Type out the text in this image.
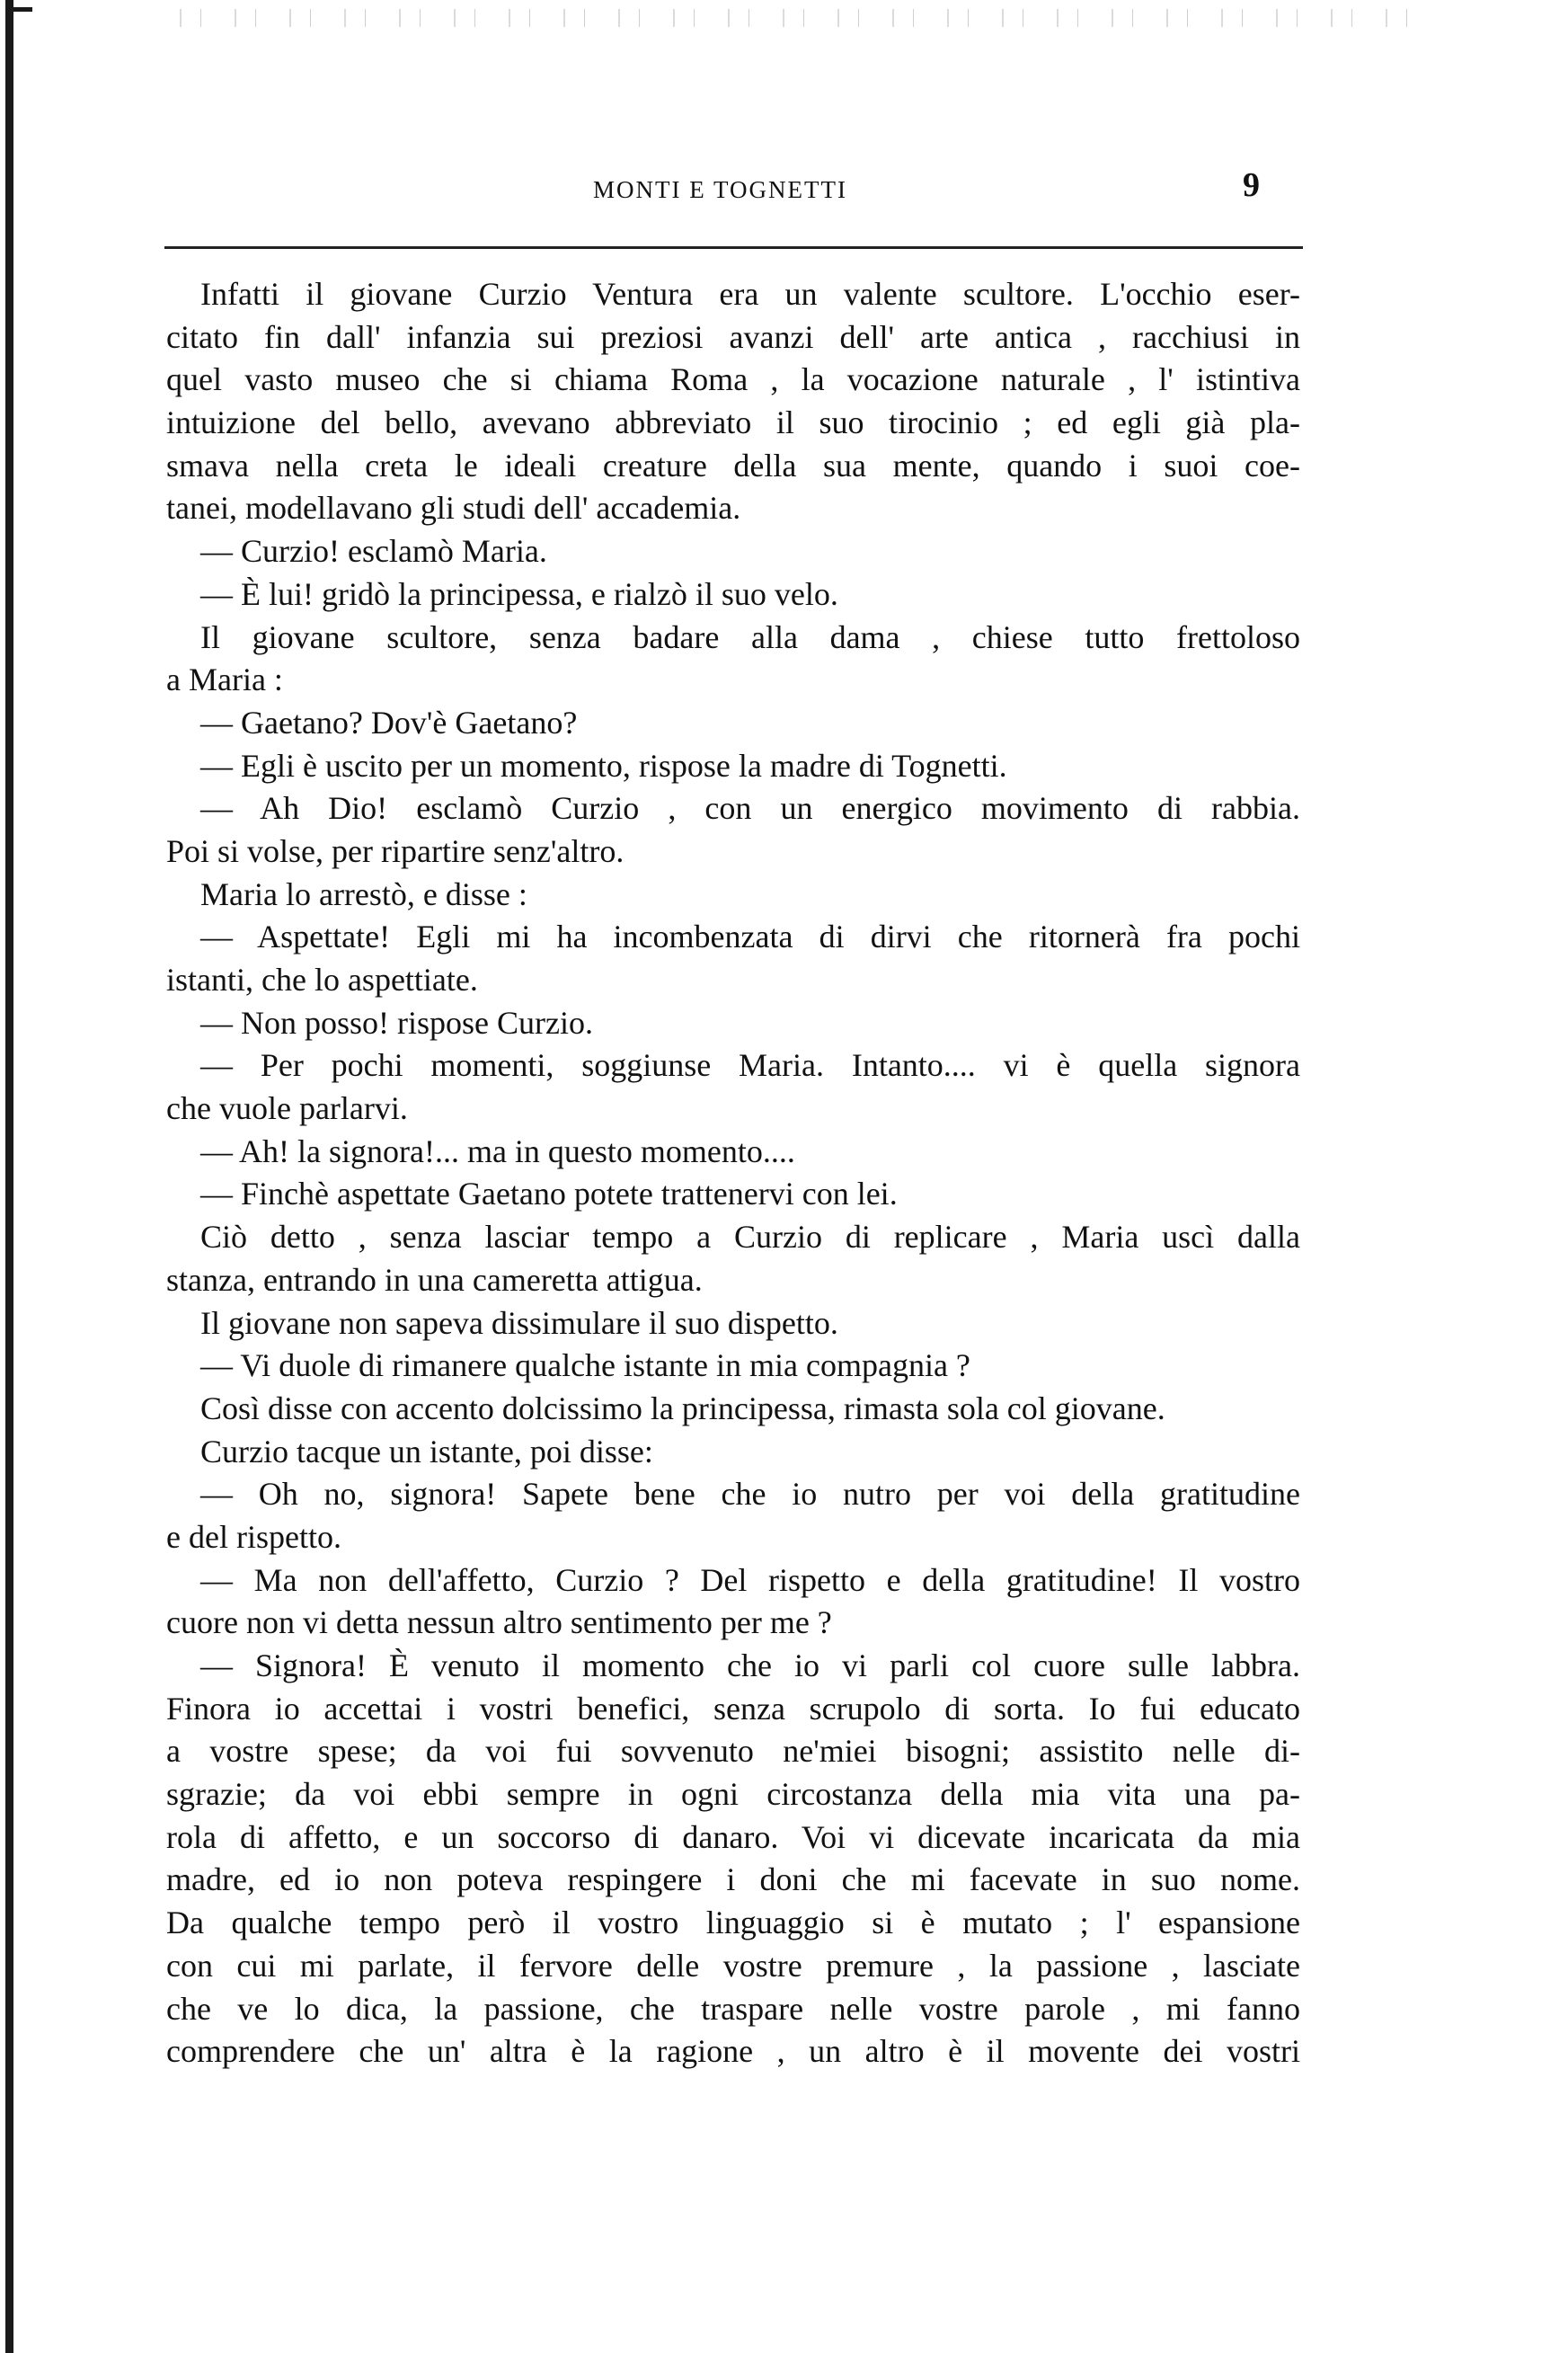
MONTI E TOGNETTI	9
Infatti il giovane Curzio Ventura era un valente scultore. L'occhio eser-
citato fin dall' infanzia sui preziosi avanzi dell' arte antica , racchiusi in
quel vasto museo che si chiama Roma , la vocazione naturale , l' istintiva
intuizione del bello, avevano abbreviato il suo tirocinio ; ed egli già pla-
smava nella creta le ideali creature della sua mente, quando i suoi coe-
tanei, modellavano gli studi dell' accademia.
— Curzio! esclamò Maria.
— È lui! gridò la principessa, e rialzò il suo velo.
Il giovane scultore, senza badare alla dama , chiese tutto frettoloso
a Maria :
— Gaetano? Dov'è Gaetano?
— Egli è uscito per un momento, rispose la madre di Tognetti.
— Ah Dio! esclamò Curzio , con un energico movimento di rabbia.
Poi si volse, per ripartire senz'altro.
Maria lo arrestò, e disse :
— Aspettate! Egli mi ha incombenzata di dirvi che ritornerà fra pochi
istanti, che lo aspettiate.
— Non posso! rispose Curzio.
— Per pochi momenti, soggiunse Maria. Intanto.... vi è quella signora
che vuole parlarvi.
— Ah! la signora!... ma in questo momento....
— Finchè aspettate Gaetano potete trattenervi con lei.
Ciò detto , senza lasciar tempo a Curzio di replicare , Maria uscì dalla
stanza, entrando in una cameretta attigua.
Il giovane non sapeva dissimulare il suo dispetto.
— Vi duole di rimanere qualche istante in mia compagnia ?
Così disse con accento dolcissimo la principessa, rimasta sola col giovane.
Curzio tacque un istante, poi disse:
— Oh no, signora! Sapete bene che io nutro per voi della gratitudine
e del rispetto.
— Ma non dell'affetto, Curzio ? Del rispetto e della gratitudine! Il vostro
cuore non vi detta nessun altro sentimento per me ?
— Signora! È venuto il momento che io vi parli col cuore sulle labbra.
Finora io accettai i vostri benefici, senza scrupolo di sorta. Io fui educato
a vostre spese; da voi fui sovvenuto ne'miei bisogni; assistito nelle di-
sgrazie; da voi ebbi sempre in ogni circostanza della mia vita una pa-
rola di affetto, e un soccorso di danaro. Voi vi dicevate incaricata da mia
madre, ed io non poteva respingere i doni che mi facevate in suo nome.
Da qualche tempo però il vostro linguaggio si è mutato ; l' espansione
con cui mi parlate, il fervore delle vostre premure , la passione , lasciate
che ve lo dica, la passione, che traspare nelle vostre parole , mi fanno
comprendere che un' altra è la ragione , un altro è il movente dei vostri
